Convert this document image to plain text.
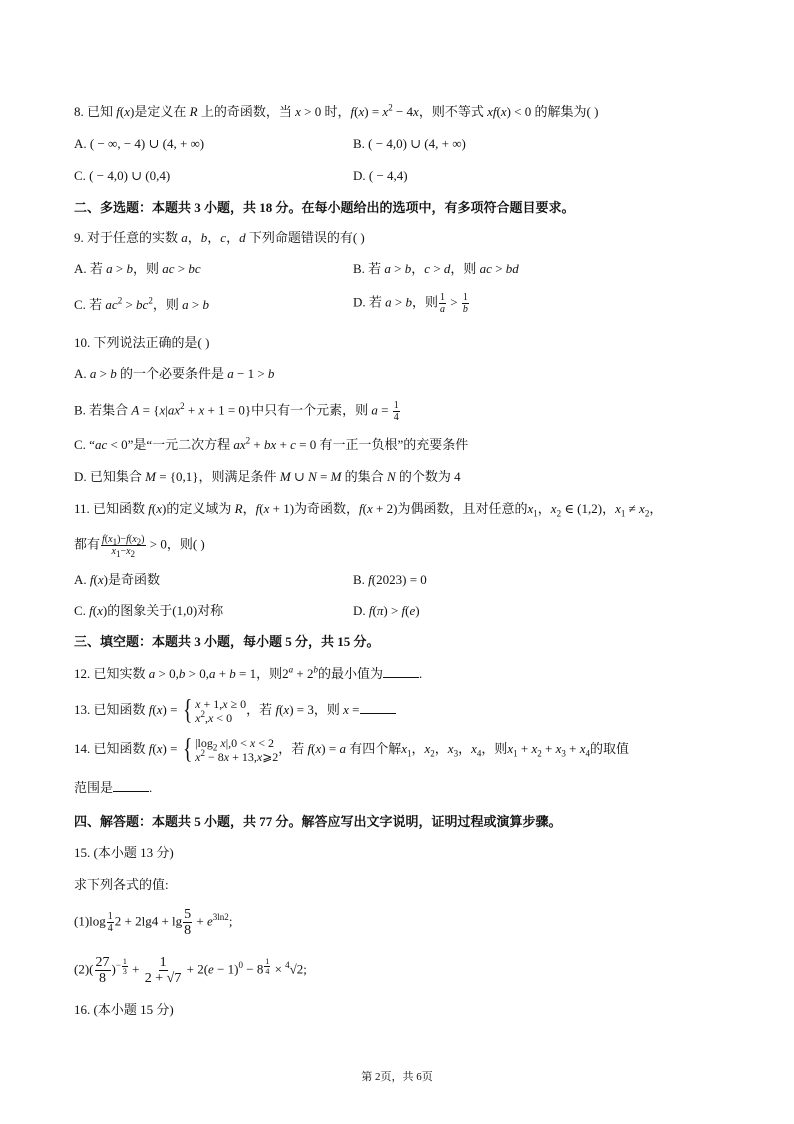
8. 已知 f(x)是定义在 R 上的奇函数，当 x > 0 时，$f(x) = x^2 - 4x$，则不等式 xf(x) < 0 的解集为( )
A. ( − ∞, − 4) ∪ (4, + ∞)	B. ( − 4,0) ∪ (4, + ∞)
C. ( − 4,0) ∪ (0,4)	D. ( − 4,4)
二、多选题：本题共 3 小题，共 18 分。在每小题给出的选项中，有多项符合题目要求。
9. 对于任意的实数 a，b，c，d 下列命题错误的有( )
A. 若 a > b，则 ac > bc	B. 若 a > b，c > d，则 ac > bd
C. 若 $ac^2 > bc^2$，则 a > b	D. 若 a > b，则 $\frac{1}{a} > \frac{1}{b}$
10. 下列说法正确的是( )
A. a > b 的一个必要条件是 a − 1 > b
B. 若集合 $A = \{x|ax^2 + x + 1 = 0\}$中只有一个元素，则 $a = \frac{1}{4}$
C. “ac < 0”是“一元二次方程 $ax^2$ + bx + c = 0 有一正一负根”的充要条件
D. 已知集合 M = {0,1}，则满足条件 M ∪ N = M 的集合 N 的个数为 4
11. 已知函数 f(x)的定义域为 R，f(x + 1)为奇函数，f(x + 2)为偶函数，且对任意的$x_1$，$x_2$ ∈ (1,2)，$x_1 \ne x_2$，
都有 $\frac{f(x_1)-f(x_2)}{x_1-x_2} > 0$，则( )
A. f(x)是奇函数	B. f(2023) = 0
C. f(x)的图象关于(1,0)对称	D. f(π) > f(e)
三、填空题：本题共 3 小题，每小题 5 分，共 15 分。
12. 已知实数 a > 0,b > 0,a + b = 1，则$2^a + 2^b$的最小值为	.
13. 已知函数 f(x) = { x + 1,x ≥ 0
$x^2,x < 0$
，若 f(x) = 3，则 x =
14. 已知函数 f(x) = { $|\log_2$ x|,0 < x < 2
$x^2 - 8x$ + 13,x⩾2
，若 f(x) = a 有四个解$x_1$，$x_2$，$x_3$，$x_4$，则$x_1 + x_2 + x_3 + x_4$的取值
范围是	.
四、解答题：本题共 5 小题，共 77 分。解答应写出文字说明，证明过程或演算步骤。
15. (本小题 13 分)
求下列各式的值:
$(1)\log \frac{1}{4} 2 + 2\lg 4 + \lg \frac{5}{8} + e^{3ln2}$;
$(2)( \frac{27}{8} )^{- \frac{1}{3}} + \frac{1}{2 + √7} + 2(e - 1)^0 - 8$ $^{\frac{1}{4}}$ × $^4$√2;
16. (本小题 15 分)
第 2页，共 6页
